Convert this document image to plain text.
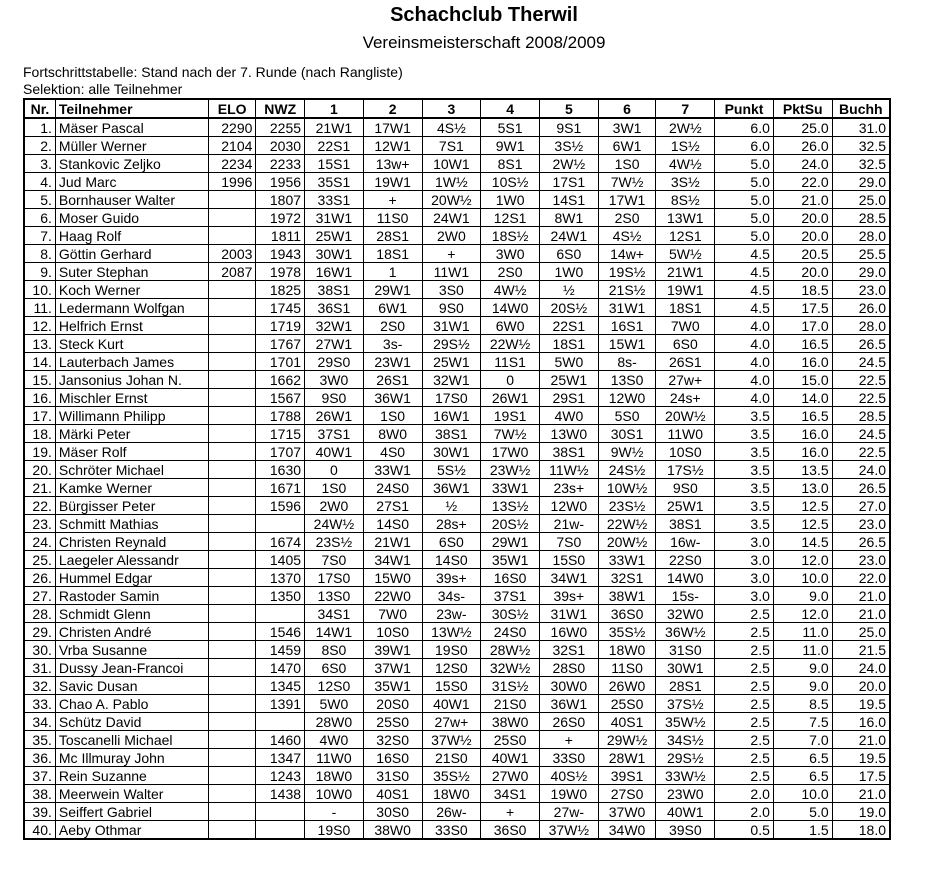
Schachclub Therwil
Vereinsmeisterschaft 2008/2009
Fortschrittstabelle: Stand nach der 7. Runde (nach Rangliste)
Selektion: alle Teilnehmer
Nr.	Teilnehmer	ELO	NWZ	1	2	3	4	5	6	7	Punkt	PktSu	Buchh
1.	Mäser Pascal	2290	2255	21W1	17W1	4S½	5S1	9S1	3W1	2W½	6.0	25.0	31.0
2.	Müller Werner	2104	2030	22S1	12W1	7S1	9W1	3S½	6W1	1S½	6.0	26.0	32.5
3.	Stankovic Zeljko	2234	2233	15S1	13w+	10W1	8S1	2W½	1S0	4W½	5.0	24.0	32.5
4.	Jud Marc	1996	1956	35S1	19W1	1W½	10S½	17S1	7W½	3S½	5.0	22.0	29.0
5.	Bornhauser Walter		1807	33S1	+	20W½	1W0	14S1	17W1	8S½	5.0	21.0	25.0
6.	Moser Guido		1972	31W1	11S0	24W1	12S1	8W1	2S0	13W1	5.0	20.0	28.5
7.	Haag Rolf		1811	25W1	28S1	2W0	18S½	24W1	4S½	12S1	5.0	20.0	28.0
8.	Göttin Gerhard	2003	1943	30W1	18S1	+	3W0	6S0	14w+	5W½	4.5	20.5	25.5
9.	Suter Stephan	2087	1978	16W1	1	11W1	2S0	1W0	19S½	21W1	4.5	20.0	29.0
10.	Koch Werner		1825	38S1	29W1	3S0	4W½	½	21S½	19W1	4.5	18.5	23.0
11.	Ledermann Wolfgan		1745	36S1	6W1	9S0	14W0	20S½	31W1	18S1	4.5	17.5	26.0
12.	Helfrich Ernst		1719	32W1	2S0	31W1	6W0	22S1	16S1	7W0	4.0	17.0	28.0
13.	Steck Kurt		1767	27W1	3s-	29S½	22W½	18S1	15W1	6S0	4.0	16.5	26.5
14.	Lauterbach James		1701	29S0	23W1	25W1	11S1	5W0	8s-	26S1	4.0	16.0	24.5
15.	Jansonius Johan N.		1662	3W0	26S1	32W1	0	25W1	13S0	27w+	4.0	15.0	22.5
16.	Mischler Ernst		1567	9S0	36W1	17S0	26W1	29S1	12W0	24s+	4.0	14.0	22.5
17.	Willimann Philipp		1788	26W1	1S0	16W1	19S1	4W0	5S0	20W½	3.5	16.5	28.5
18.	Märki Peter		1715	37S1	8W0	38S1	7W½	13W0	30S1	11W0	3.5	16.0	24.5
19.	Mäser Rolf		1707	40W1	4S0	30W1	17W0	38S1	9W½	10S0	3.5	16.0	22.5
20.	Schröter Michael		1630	0	33W1	5S½	23W½	11W½	24S½	17S½	3.5	13.5	24.0
21.	Kamke Werner		1671	1S0	24S0	36W1	33W1	23s+	10W½	9S0	3.5	13.0	26.5
22.	Bürgisser Peter		1596	2W0	27S1	½	13S½	12W0	23S½	25W1	3.5	12.5	27.0
23.	Schmitt Mathias			24W½	14S0	28s+	20S½	21w-	22W½	38S1	3.5	12.5	23.0
24.	Christen Reynald		1674	23S½	21W1	6S0	29W1	7S0	20W½	16w-	3.0	14.5	26.5
25.	Laegeler Alessandr		1405	7S0	34W1	14S0	35W1	15S0	33W1	22S0	3.0	12.0	23.0
26.	Hummel Edgar		1370	17S0	15W0	39s+	16S0	34W1	32S1	14W0	3.0	10.0	22.0
27.	Rastoder Samin		1350	13S0	22W0	34s-	37S1	39s+	38W1	15s-	3.0	9.0	21.0
28.	Schmidt Glenn			34S1	7W0	23w-	30S½	31W1	36S0	32W0	2.5	12.0	21.0
29.	Christen André		1546	14W1	10S0	13W½	24S0	16W0	35S½	36W½	2.5	11.0	25.0
30.	Vrba Susanne		1459	8S0	39W1	19S0	28W½	32S1	18W0	31S0	2.5	11.0	21.5
31.	Dussy Jean-Francoi		1470	6S0	37W1	12S0	32W½	28S0	11S0	30W1	2.5	9.0	24.0
32.	Savic Dusan		1345	12S0	35W1	15S0	31S½	30W0	26W0	28S1	2.5	9.0	20.0
33.	Chao A. Pablo		1391	5W0	20S0	40W1	21S0	36W1	25S0	37S½	2.5	8.5	19.5
34.	Schütz David			28W0	25S0	27w+	38W0	26S0	40S1	35W½	2.5	7.5	16.0
35.	Toscanelli Michael		1460	4W0	32S0	37W½	25S0	+	29W½	34S½	2.5	7.0	21.0
36.	Mc Illmuray John		1347	11W0	16S0	21S0	40W1	33S0	28W1	29S½	2.5	6.5	19.5
37.	Rein Suzanne		1243	18W0	31S0	35S½	27W0	40S½	39S1	33W½	2.5	6.5	17.5
38.	Meerwein Walter		1438	10W0	40S1	18W0	34S1	19W0	27S0	23W0	2.0	10.0	21.0
39.	Seiffert Gabriel			-	30S0	26w-	+	27w-	37W0	40W1	2.0	5.0	19.0
40.	Aeby Othmar			19S0	38W0	33S0	36S0	37W½	34W0	39S0	0.5	1.5	18.0
